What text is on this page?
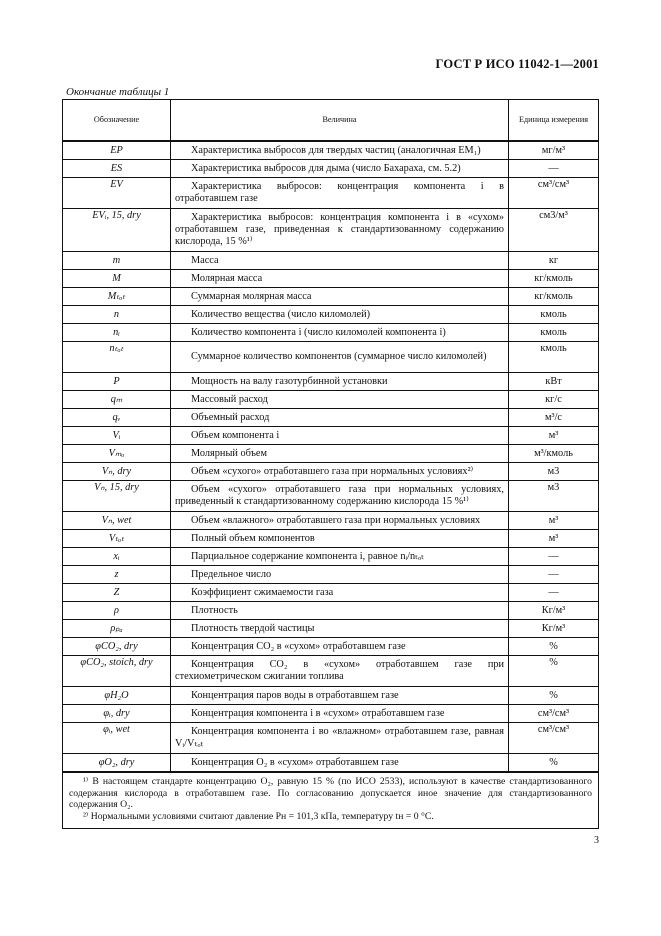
ГОСТ Р ИСО 11042-1—2001
Окончание таблицы 1
Обозначение	Величина	Единица измерения
EP	Характеристика выбросов для твердых частиц (аналогичная EM₁)	мг/м³
ES	Характеристика выбросов для дыма (число Бахараха, см. 5.2)	—
EV	Характеристика выбросов: концентрация компонента i в отработавшем газе	см³/см³
EVᵢ, 15, dry	Характеристика выбросов: концентрация компонента i в «сухом» отработавшем газе, приведенная к стандартизованному содержанию кислорода, 15 %¹⁾	см3/м³
m	Масса	кг
M	Молярная масса	кг/кмоль
Mₜₒₜ	Суммарная молярная масса	кг/кмоль
n	Количество вещества (число киломолей)	кмоль
nᵢ	Количество компонента i (число киломолей компонента i)	кмоль
nₜₒₜ	Суммарное количество компонентов (суммарное число киломолей)	кмоль
P	Мощность на валу газотурбинной установки	кВт
qₘ	Массовый расход	кг/с
qᵥ	Объемный расход	м³/с
Vᵢ	Объем компонента i	м³
Vₘₒ	Молярный объем	м³/кмоль
Vₙ, dry	Объем «сухого» отработавшего газа при нормальных условиях²⁾	м3
Vₙ, 15, dry	Объем «сухого» отработавшего газа при нормальных условиях, приведенный к стандартизованному содержанию кислорода 15 %¹⁾	м3
Vₙ, wet	Объем «влажного» отработавшего газа при нормальных условиях	м³
Vₜₒₜ	Полный объем компонентов	м³
xᵢ	Парциальное содержание компонента i, равное nᵢ/nₜₒₜ	—
z	Предельное число	—
Z	Коэффициент сжимаемости газа	—
ρ	Плотность	Кг/м³
ρₚₐ	Плотность твердой частицы	Кг/м³
φCO₂, dry	Концентрация CO₂ в «сухом» отработавшем газе	%
φCO₂, stoich, dry	Концентрация CO₂ в «сухом» отработавшем газе при стехиометрическом сжигании топлива	%
φH₂O	Концентрация паров воды в отработавшем газе	%
φᵢ, dry	Концентрация компонента i в «сухом» отработавшем газе	см³/см³
φᵢ, wet	Концентрация компонента i во «влажном» отработавшем газе, равная Vᵢ/Vₜₒₜ	см³/см³
φO₂, dry	Концентрация O₂ в «сухом» отработавшем газе	%

¹⁾ В настоящем стандарте концентрацию O₂, равную 15 % (по ИСО 2533), используют в качестве стандартизованного содержания кислорода в отработавшем газе. По согласованию допускается иное значение для стандартизованного содержания O₂.

²⁾ Нормальными условиями считают давление Pн = 101,3 кПа, температуру tн = 0 °С.		

3
